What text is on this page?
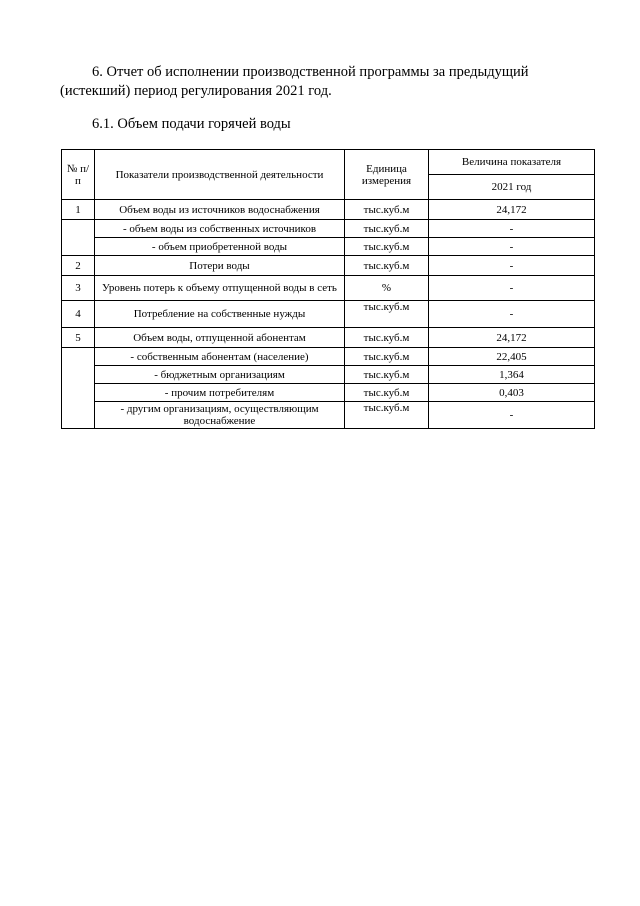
6. Отчет об исполнении производственной программы за предыдущий (истекший) период регулирования 2021 год.

6.1. Объем подачи горячей воды

№ п/п	Показатели производственной деятельности	Единица измерения	Величина показателя
			2021 год
1	Объем воды из источников водоснабжения	тыс.куб.м	24,172
	- объем воды из собственных источников	тыс.куб.м	-
	- объем приобретенной воды	тыс.куб.м	-
2	Потери воды	тыс.куб.м	-
3	Уровень потерь к объему отпущенной воды в сеть	%	-
4	Потребление на собственные нужды	тыс.куб.м	-
5	Объем воды, отпущенной абонентам	тыс.куб.м	24,172
	- собственным абонентам (население)	тыс.куб.м	22,405
	- бюджетным организациям	тыс.куб.м	1,364
	- прочим потребителям	тыс.куб.м	0,403
	- другим организациям, осуществляющим водоснабжение	тыс.куб.м	-
